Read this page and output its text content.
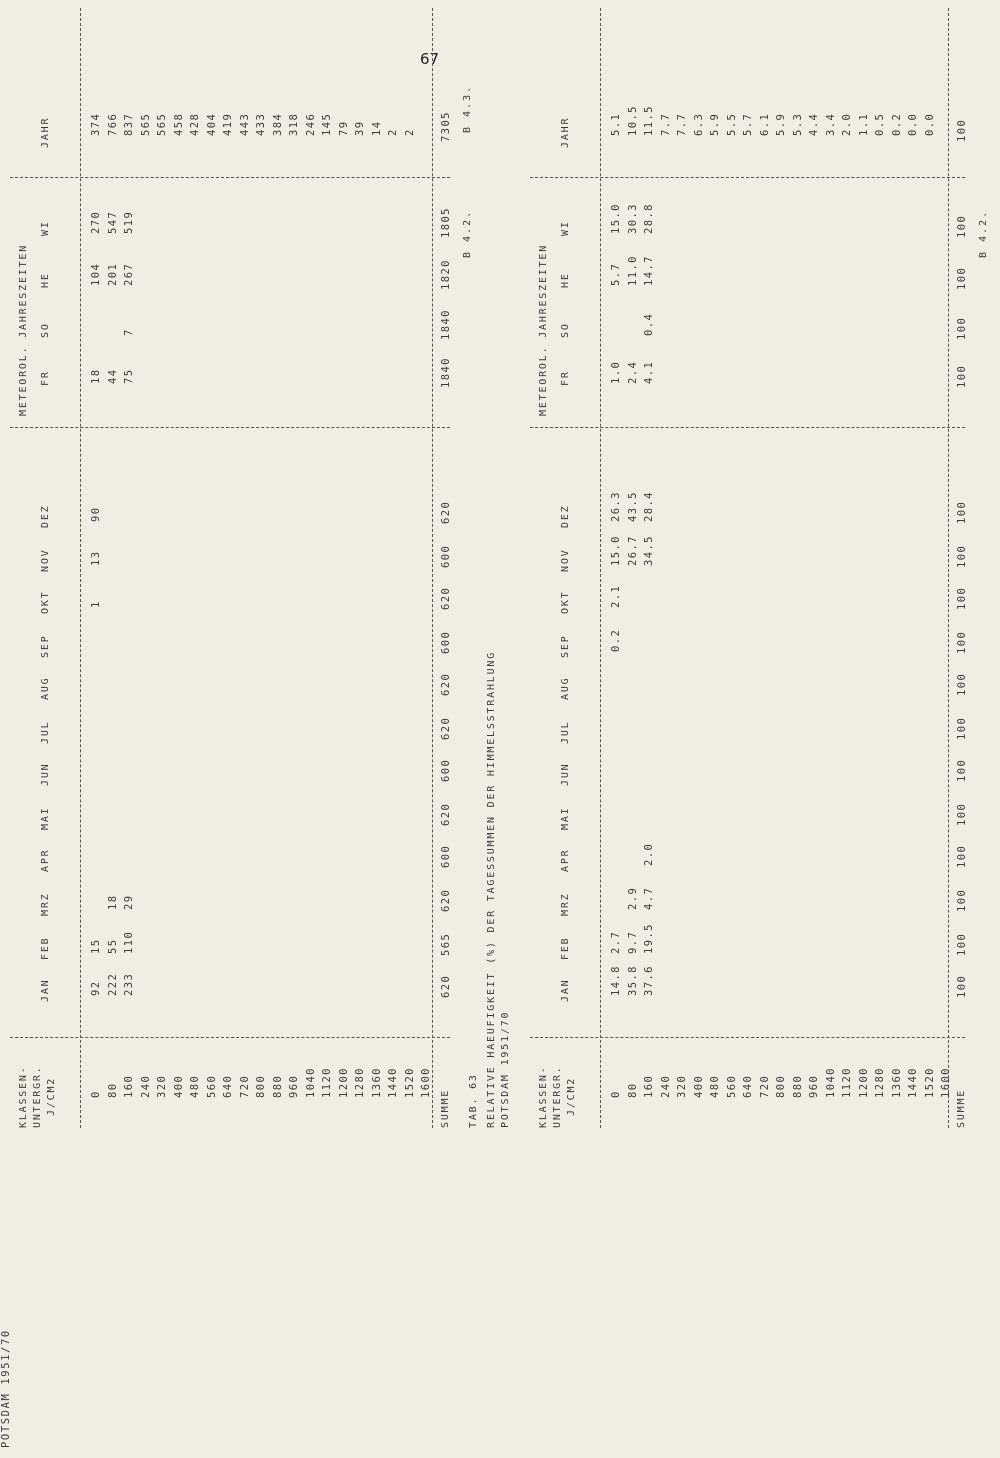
67
POTSDAM 1951/70
KLASSEN- UNTERGR. J/CM2
METEOROL. JAHRESZEITEN
JAN
FEB
MRZ
APR
MAI
JUN
JUL
AUG
SEP
OKT
NOV
DEZ
FR
SO
HE
WI
JAHR
0
92
15
1
13
90
18
104
270
374
80
222
55
18
44
201
547
766
160
233
110
29
75
7
267
519
837
240
565
320
565
400
458
480
428
560
404
640
419
720
443
800
433
880
384
960
318
1040
246
1120
145
1200
79
1280
39
1360
14
1440
2
1520
2
1600
SUMME
620
565
620
600
620
600
620
620
600
620
600
620
1840
1840
1820
1805
7305
TAB. 63
B 4.3.
B 4.2.
RELATIVE HAEUFIGKEIT (%) DER TAGESSUMMEN DER HIMMELSSTRAHLUNG POTSDAM 1951/70	KLASSEN- UNTERGR. J/CM2
METEOROL. JAHRESZEITEN
JAN
FEB
MRZ
APR
MAI
JUN
JUL
AUG
SEP
OKT
NOV
DEZ
FR
SO
HE
WI
JAHR
0
14.8
2.7
0.2
2.1
15.0
26.3
1.0
5.7
15.0
5.1
80
35.8
9.7
2.9
26.7
43.5
2.4
11.0
30.3
10.5
160
37.6
19.5
4.7
2.0
34.5
28.4
4.1
0.4
14.7
28.8
11.5
240
7.7
320
7.7
400
6.3
480
5.9
560
5.5
640
5.7
720
6.1
800
5.9
880
5.3
960
4.4
1040
3.4
1120
2.0
1200
1.1
1280
0.5
1360
0.2
1440
0.0
1520
0.0
1600
SUMME
100
100
100
100
100
100
100
100
100
100
100
100
100
100
100
100
100
B 4.2.
